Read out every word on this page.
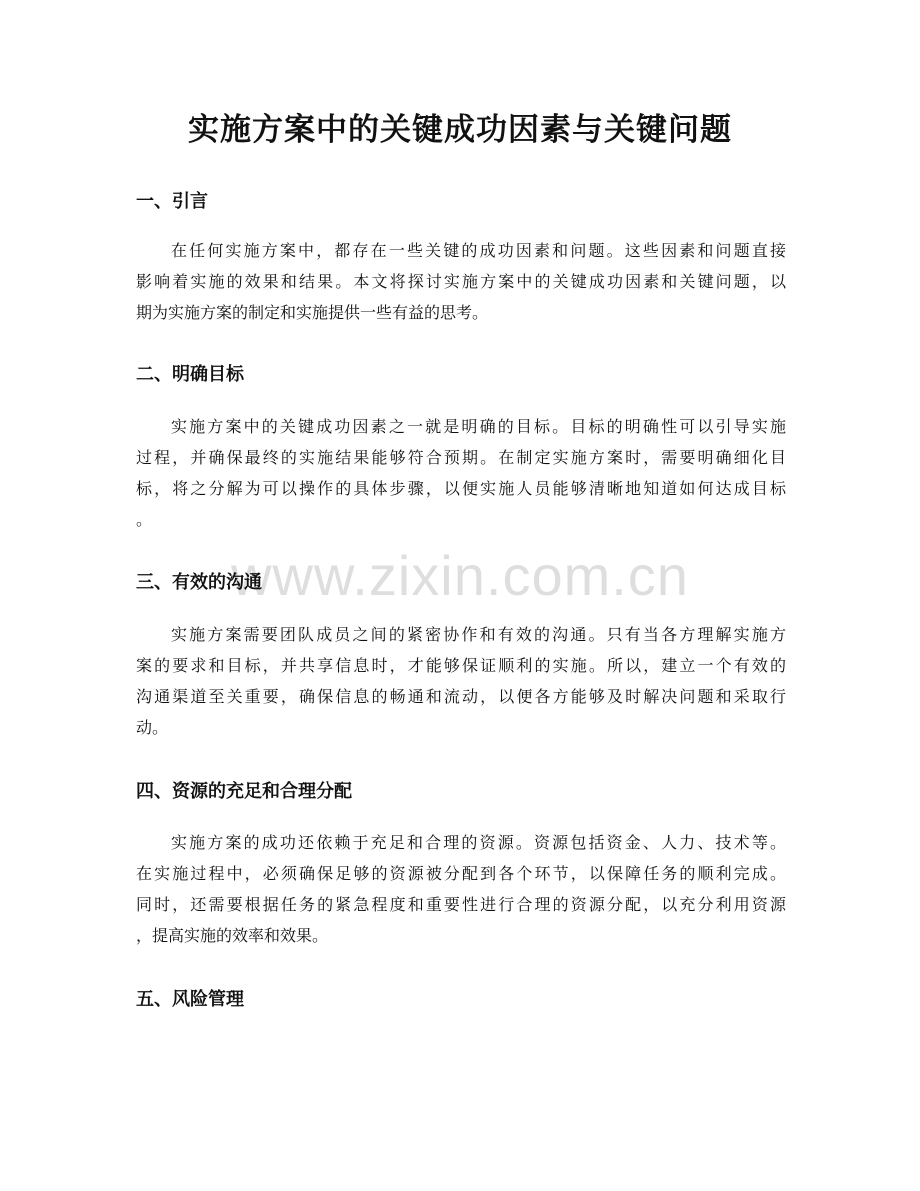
实施方案中的关键成功因素与关键问题
www.zixin.com.cn
一、引言
在任何实施方案中，都存在一些关键的成功因素和问题。这些因素和问题直接
影响着实施的效果和结果。本文将探讨实施方案中的关键成功因素和关键问题，以
期为实施方案的制定和实施提供一些有益的思考。
二、明确目标
实施方案中的关键成功因素之一就是明确的目标。目标的明确性可以引导实施
过程，并确保最终的实施结果能够符合预期。在制定实施方案时，需要明确细化目
标，将之分解为可以操作的具体步骤，以便实施人员能够清晰地知道如何达成目标
。
三、有效的沟通
实施方案需要团队成员之间的紧密协作和有效的沟通。只有当各方理解实施方
案的要求和目标，并共享信息时，才能够保证顺利的实施。所以，建立一个有效的
沟通渠道至关重要，确保信息的畅通和流动，以便各方能够及时解决问题和采取行
动。
四、资源的充足和合理分配
实施方案的成功还依赖于充足和合理的资源。资源包括资金、人力、技术等。
在实施过程中，必须确保足够的资源被分配到各个环节，以保障任务的顺利完成。
同时，还需要根据任务的紧急程度和重要性进行合理的资源分配，以充分利用资源
，提高实施的效率和效果。
五、风险管理
